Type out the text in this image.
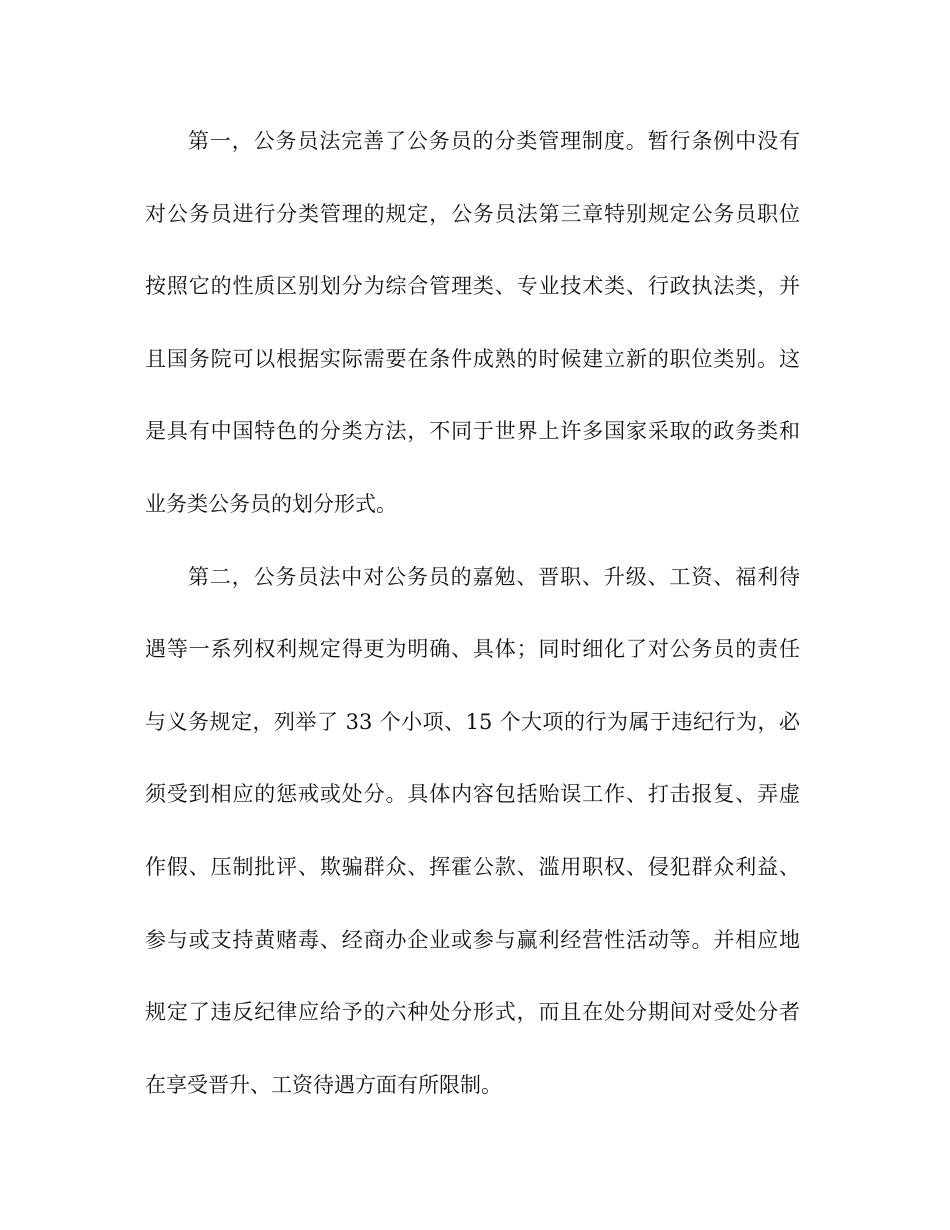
第一，公务员法完善了公务员的分类管理制度。暂行条例中没有
对公务员进行分类管理的规定，公务员法第三章特别规定公务员职位
按照它的性质区别划分为综合管理类、专业技术类、行政执法类，并
且国务院可以根据实际需要在条件成熟的时候建立新的职位类别。这
是具有中国特色的分类方法，不同于世界上许多国家采取的政务类和
业务类公务员的划分形式。
第二，公务员法中对公务员的嘉勉、晋职、升级、工资、福利待
遇等一系列权利规定得更为明确、具体；同时细化了对公务员的责任
与义务规定，列举了 33 个小项、15 个大项的行为属于违纪行为，必
须受到相应的惩戒或处分。具体内容包括贻误工作、打击报复、弄虚
作假、压制批评、欺骗群众、挥霍公款、滥用职权、侵犯群众利益、
参与或支持黄赌毒、经商办企业或参与赢利经营性活动等。并相应地
规定了违反纪律应给予的六种处分形式，而且在处分期间对受处分者
在享受晋升、工资待遇方面有所限制。
